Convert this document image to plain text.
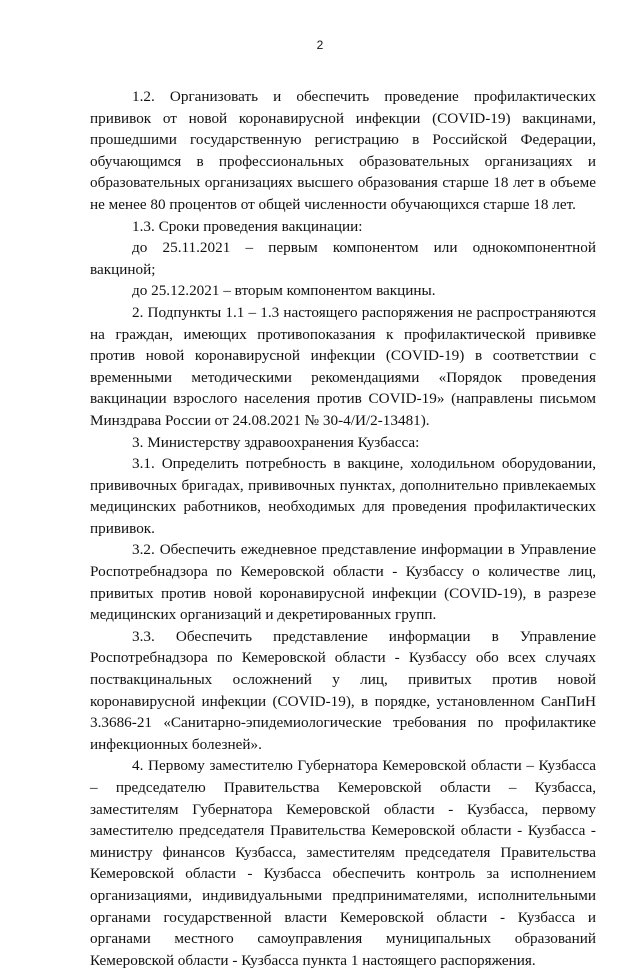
2

1.2. Организовать и обеспечить проведение профилактических прививок от новой коронавирусной инфекции (COVID-19) вакцинами, прошедшими государственную регистрацию в Российской Федерации, обучающимся в профессиональных образовательных организациях и образовательных организациях высшего образования старше 18 лет в объеме не менее 80 процентов от общей численности обучающихся старше 18 лет.

1.3. Сроки проведения вакцинации:

до 25.11.2021 – первым компонентом или однокомпонентной вакциной;

до 25.12.2021 – вторым компонентом вакцины.

2. Подпункты 1.1 – 1.3 настоящего распоряжения не распространяются на граждан, имеющих противопоказания к профилактической прививке против новой коронавирусной инфекции (COVID-19) в соответствии с временными методическими рекомендациями «Порядок проведения вакцинации взрослого населения против COVID-19» (направлены письмом Минздрава России от 24.08.2021 № 30-4/И/2-13481).

3. Министерству здравоохранения Кузбасса:

3.1. Определить потребность в вакцине, холодильном оборудовании, прививочных бригадах, прививочных пунктах, дополнительно привлекаемых медицинских работников, необходимых для проведения профилактических прививок.

3.2. Обеспечить ежедневное представление информации в Управление Роспотребнадзора по Кемеровской области - Кузбассу о количестве лиц, привитых против новой коронавирусной инфекции (COVID-19), в разрезе медицинских организаций и декретированных групп.

3.3. Обеспечить представление информации в Управление Роспотребнадзора по Кемеровской области - Кузбассу обо всех случаях поствакцинальных осложнений у лиц, привитых против новой коронавирусной инфекции (COVID-19), в порядке, установленном СанПиН 3.3686-21 «Санитарно-эпидемиологические требования по профилактике инфекционных болезней».

4. Первому заместителю Губернатора Кемеровской области – Кузбасса – председателю Правительства Кемеровской области – Кузбасса, заместителям Губернатора Кемеровской области - Кузбасса, первому заместителю председателя Правительства Кемеровской области - Кузбасса - министру финансов Кузбасса, заместителям председателя Правительства Кемеровской области - Кузбасса обеспечить контроль за исполнением организациями, индивидуальными предпринимателями, исполнительными органами государственной власти Кемеровской области - Кузбасса и органами местного самоуправления муниципальных образований Кемеровской области - Кузбасса пункта 1 настоящего распоряжения.
